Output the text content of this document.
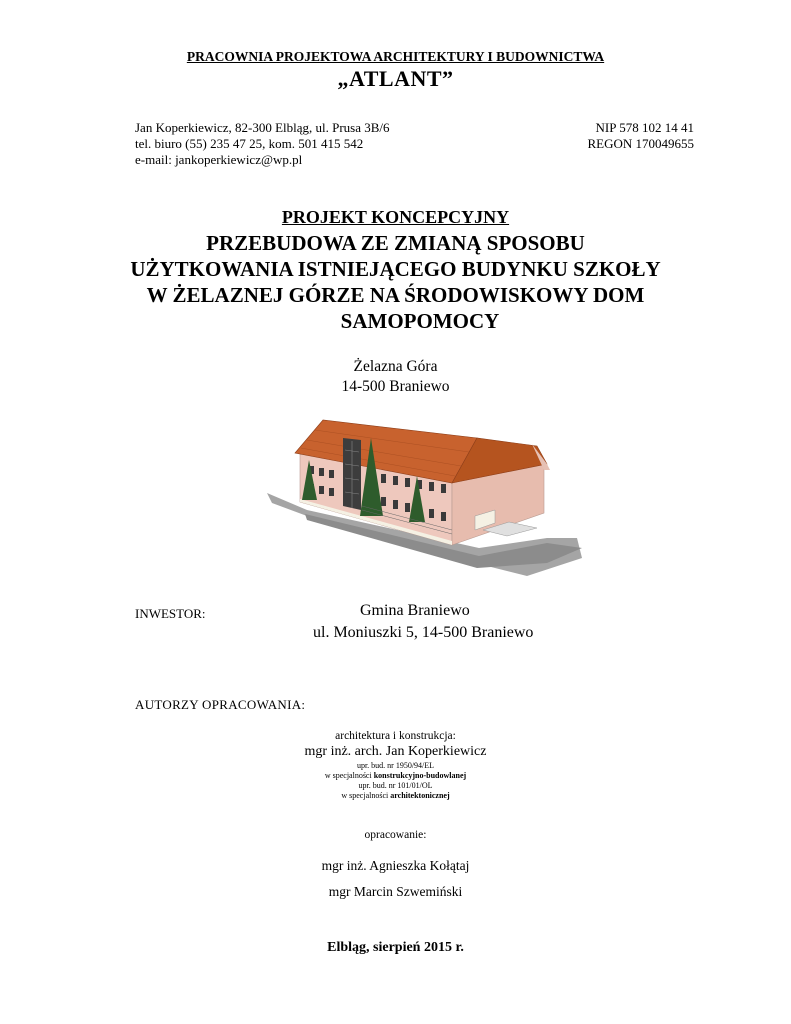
PRACOWNIA PROJEKTOWA ARCHITEKTURY I BUDOWNICTWA
„ATLANT”
Jan Koperkiewicz, 82-300 Elbląg, ul. Prusa 3B/6
tel. biuro (55) 235 47 25, kom. 501 415 542
e-mail: jankoperkiewicz@wp.pl
NIP 578 102 14 41
REGON 170049655
PROJEKT KONCEPCYJNY
PRZEBUDOWA ZE ZMIANĄ SPOSOBU
UŻYTKOWANIA ISTNIEJĄCEGO BUDYNKU SZKOŁY
W ŻELAZNEJ GÓRZE NA ŚRODOWISKOWY DOM
SAMOPOMOCY
Żelazna Góra
14-500 Braniewo
INWESTOR:	Gmina Braniewo
ul. Moniuszki 5, 14-500 Braniewo
AUTORZY OPRACOWANIA:
architektura i konstrukcja:
mgr inż. arch. Jan Koperkiewicz
upr. bud. nr 1950/94/EL
w specjalności konstrukcyjno-budowlanej
upr. bud. nr 101/01/OL
w specjalności architektonicznej
opracowanie:
mgr inż. Agnieszka Kołątaj
mgr Marcin Szwemiński
Elbląg, sierpień 2015 r.
